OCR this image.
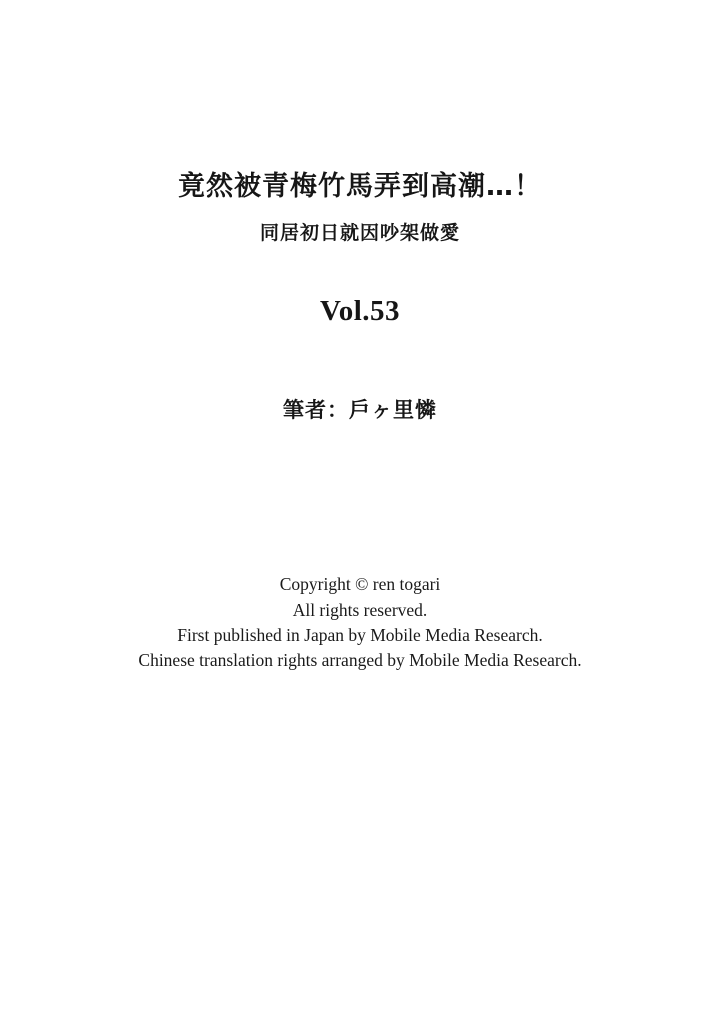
竟然被青梅竹馬弄到高潮…！
同居初日就因吵架做愛
Vol.53
筆者：戶ヶ里憐
Copyright © ren togari
All rights reserved.
First published in Japan by Mobile Media Research.
Chinese translation rights arranged by Mobile Media Research.
